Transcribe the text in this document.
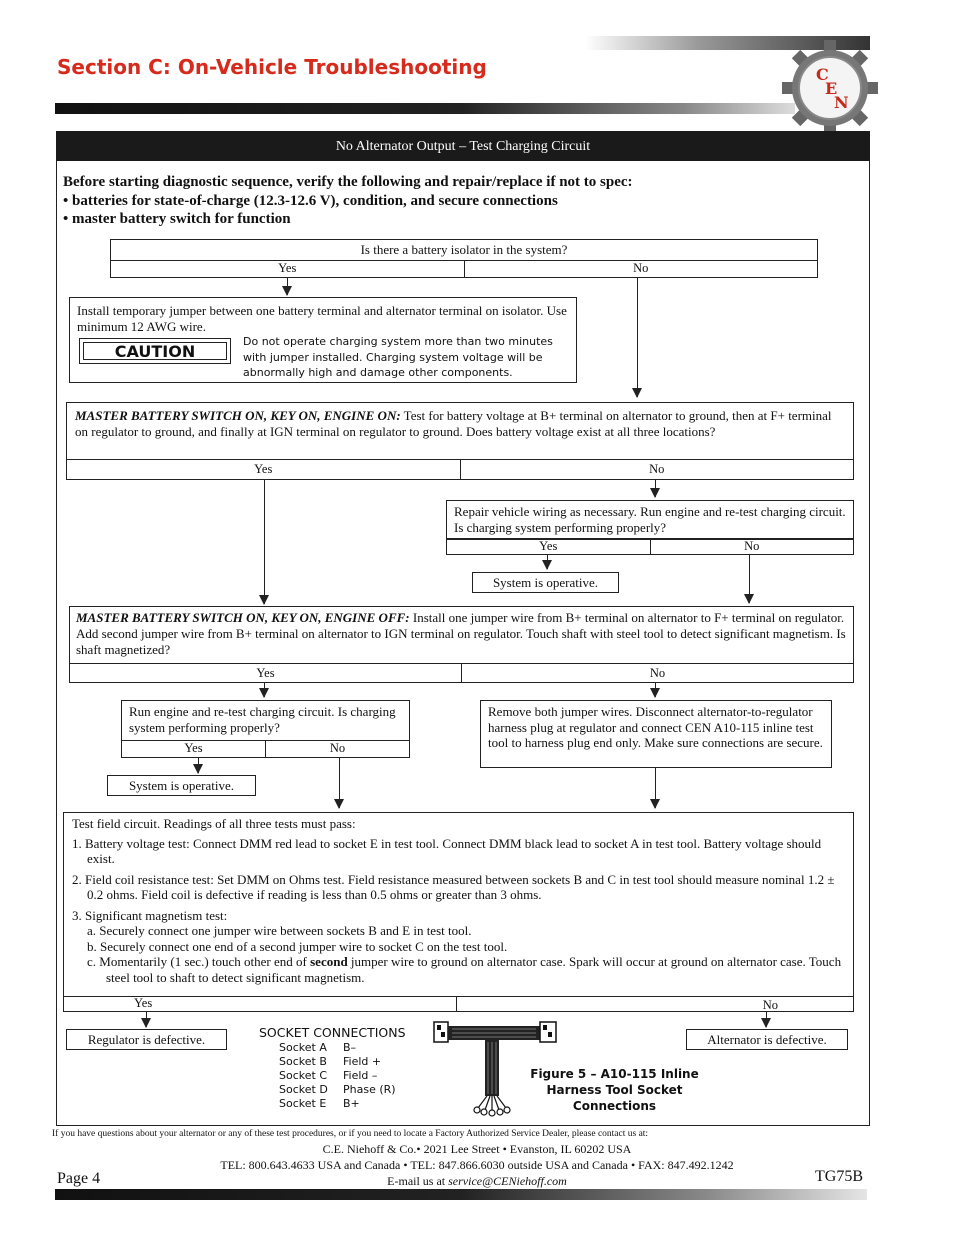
Section C: On-Vehicle Troubleshooting	C
E
N
No Alternator Output – Test Charging Circuit
Before starting diagnostic sequence, verify the following and repair/replace if not to spec:
• batteries for state-of-charge (12.3-12.6 V), condition, and secure connections
• master battery switch for function
Is there a battery isolator in the system?
Yes	No
Install temporary jumper between one battery terminal and alternator terminal on isolator. Use minimum 12 AWG wire.
CAUTION
Do not operate charging system more than two minutes with jumper installed. Charging system voltage will be abnormally high and damage other components.
MASTER BATTERY SWITCH ON, KEY ON, ENGINE ON: Test for battery voltage at B+ terminal on alternator to ground, then at F+ terminal on regulator to ground, and finally at IGN terminal on regulator to ground. Does battery voltage exist at all three locations?
Yes	No
Repair vehicle wiring as necessary. Run engine and re-test charging circuit. Is charging system performing properly?
Yes	No
System is operative.
MASTER BATTERY SWITCH ON, KEY ON, ENGINE OFF: Install one jumper wire from B+ terminal on alternator to F+ terminal on regulator. Add second jumper wire from B+ terminal on alternator to IGN terminal on regulator. Touch shaft with steel tool to detect significant magnetism. Is shaft magnetized?
Yes	No
Run engine and re-test charging circuit. Is charging system performing properly?
Yes	No
System is operative.
Remove both jumper wires. Disconnect alternator-to-regulator harness plug at regulator and connect CEN A10-115 inline test tool to harness plug end only. Make sure connections are secure.
Test field circuit. Readings of all three tests must pass:
1. Battery voltage test: Connect DMM red lead to socket E in test tool. Connect DMM black lead to socket A in test tool. Battery voltage should exist.
2. Field coil resistance test: Set DMM on Ohms test. Field resistance measured between sockets B and C in test tool should measure nominal 1.2 ± 0.2 ohms. Field coil is defective if reading is less than 0.5 ohms or greater than 3 ohms.
3. Significant magnetism test:
a. Securely connect one jumper wire between sockets B and E in test tool.
b. Securely connect one end of a second jumper wire to socket C on the test tool.
c. Momentarily (1 sec.) touch other end of second jumper wire to ground on alternator case. Spark will occur at ground on alternator case. Touch steel tool to shaft to detect significant magnetism.
Yes	No
Regulator is defective.	Alternator is defective.
SOCKET CONNECTIONS
Socket A B–
Socket B Field +
Socket C Field –
Socket D Phase (R)
Socket E B+
Figure 5 – A10-115 Inline Harness Tool Socket Connections
If you have questions about your alternator or any of these test procedures, or if you need to locate a Factory Authorized Service Dealer, please contact us at:
C.E. Niehoff & Co.• 2021 Lee Street • Evanston, IL 60202 USA
TEL: 800.643.4633 USA and Canada • TEL: 847.866.6030 outside USA and Canada • FAX: 847.492.1242
E-mail us at service@CENiehoff.com
Page 4	TG75B
